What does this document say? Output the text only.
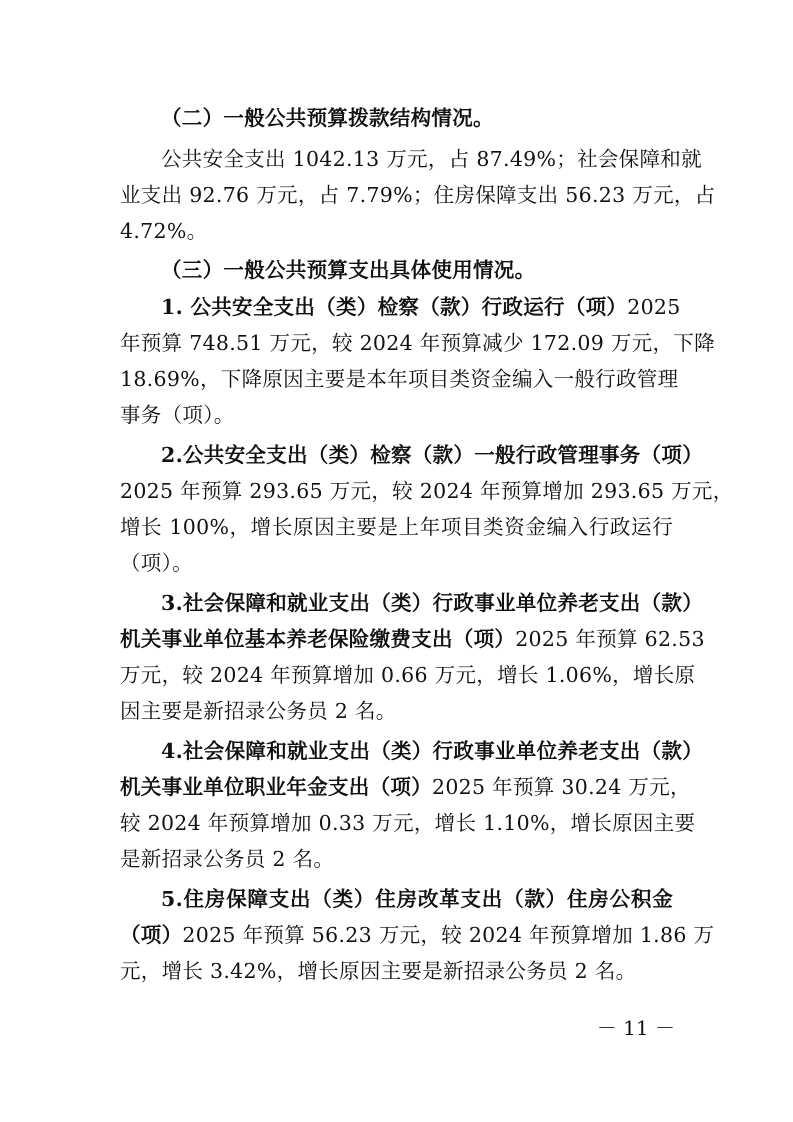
（二）一般公共预算拨款结构情况。
公共安全支出 1042.13 万元，占 87.49%；社会保障和就
业支出 92.76 万元，占 7.79%；住房保障支出 56.23 万元，占
4.72%。
（三）一般公共预算支出具体使用情况。
1. 公共安全支出（类）检察（款）行政运行（项）2025
年预算 748.51 万元，较 2024 年预算减少 172.09 万元，下降
18.69%，下降原因主要是本年项目类资金编入一般行政管理
事务（项）。
2.公共安全支出（类）检察（款）一般行政管理事务（项）
2025 年预算 293.65 万元，较 2024 年预算增加 293.65 万元，
增长 100%，增长原因主要是上年项目类资金编入行政运行
（项）。
3.社会保障和就业支出（类）行政事业单位养老支出（款）
机关事业单位基本养老保险缴费支出（项）2025 年预算 62.53
万元，较 2024 年预算增加 0.66 万元，增长 1.06%，增长原
因主要是新招录公务员 2 名。
4.社会保障和就业支出（类）行政事业单位养老支出（款）
机关事业单位职业年金支出（项）2025 年预算 30.24 万元，
较 2024 年预算增加 0.33 万元，增长 1.10%，增长原因主要
是新招录公务员 2 名。
5.住房保障支出（类）住房改革支出（款）住房公积金
（项）2025 年预算 56.23 万元，较 2024 年预算增加 1.86 万
元，增长 3.42%，增长原因主要是新招录公务员 2 名。
－ 11 －
